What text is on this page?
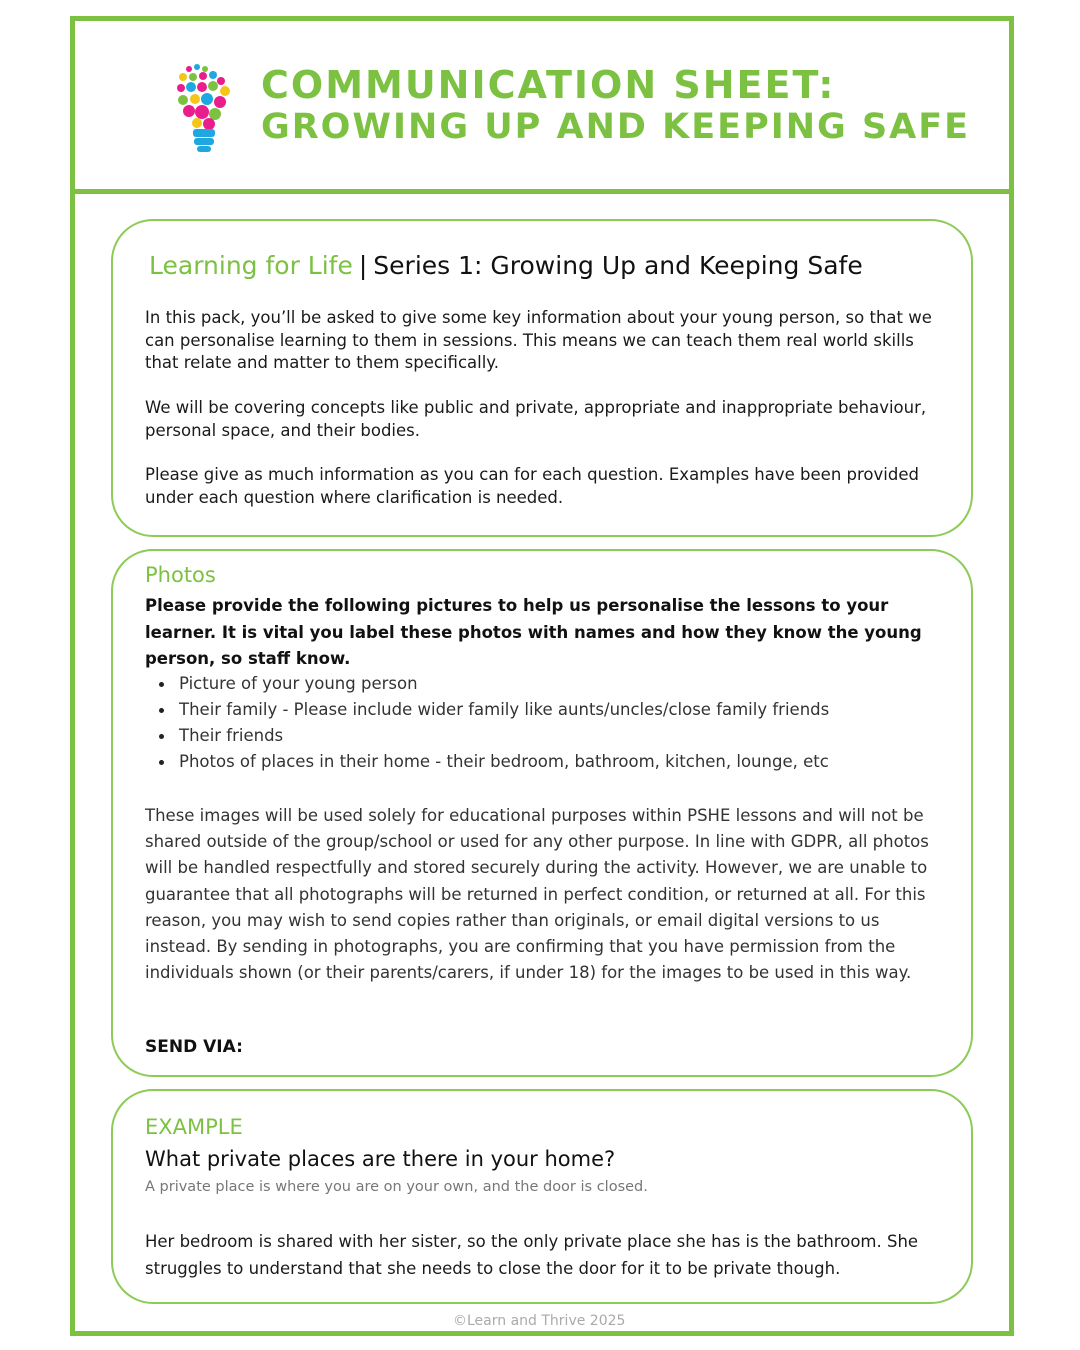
COMMUNICATION SHEET:
GROWING UP AND KEEPING SAFE
Learning for Life | Series 1: Growing Up and Keeping Safe
In this pack, you’ll be asked to give some key information about your young person, so that we can personalise learning to them in sessions. This means we can teach them real world skills that relate and matter to them specifically.
We will be covering concepts like public and private, appropriate and inappropriate behaviour, personal space, and their bodies.
Please give as much information as you can for each question. Examples have been provided under each question where clarification is needed.
Photos
Please provide the following pictures to help us personalise the lessons to your learner. It is vital you label these photos with names and how they know the young person, so staff know.
Picture of your young person
Their family - Please include wider family like aunts/uncles/close family friends
Their friends
Photos of places in their home - their bedroom, bathroom, kitchen, lounge, etc
These images will be used solely for educational purposes within PSHE lessons and will not be shared outside of the group/school or used for any other purpose. In line with GDPR, all photos will be handled respectfully and stored securely during the activity. However, we are unable to guarantee that all photographs will be returned in perfect condition, or returned at all. For this reason, you may wish to send copies rather than originals, or email digital versions to us instead. By sending in photographs, you are confirming that you have permission from the individuals shown (or their parents/carers, if under 18) for the images to be used in this way.
SEND VIA:
EXAMPLE
What private places are there in your home?
A private place is where you are on your own, and the door is closed.
Her bedroom is shared with her sister, so the only private place she has is the bathroom. She struggles to understand that she needs to close the door for it to be private though.
©Learn and Thrive 2025
